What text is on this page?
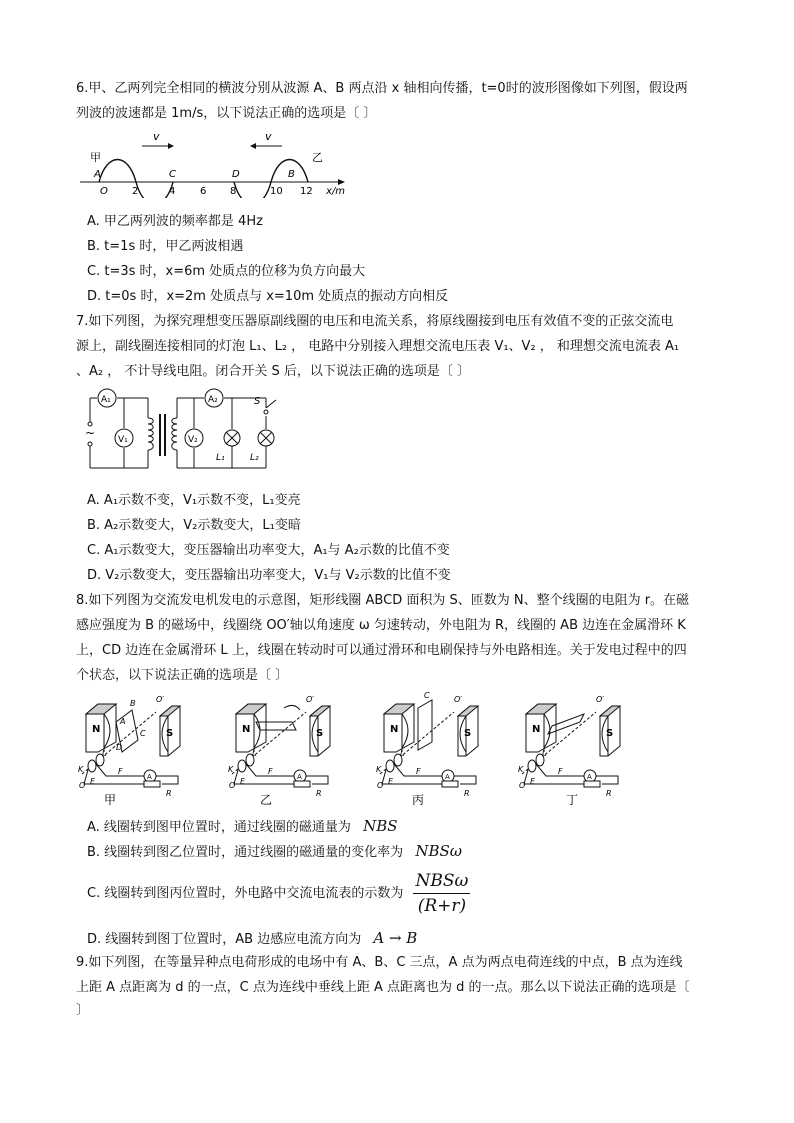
6.甲、乙两列完全相同的横波分别从波源 A、B 两点沿 x 轴相向传播，t=0时的波形图像如下列图，假设两
列波的波速都是 1m/s，以下说法正确的选项是〔 〕
v	v
甲	乙
A	C	D	B
O 2	4 6 8	10 12 x/m
A. 甲乙两列波的频率都是 4Hz
B. t=1s 时，甲乙两波相遇
C. t=3s 时，x=6m 处质点的位移为负方向最大
D. t=0s 时，x=2m 处质点与 x=10m 处质点的振动方向相反
7.如下列图，为探究理想变压器原副线圈的电压和电流关系，将原线圈接到电压有效值不变的正弦交流电
源上，副线圈连接相同的灯泡 L₁、L₂ ， 电路中分别接入理想交流电压表 V₁、V₂ ， 和理想交流电流表 A₁
、A₂ ， 不计导线电阻。闭合开关 S 后，以下说法正确的选项是〔 〕
~
A₁
V₁
A₂
V₂
S
L₁	L₂
A. A₁示数不变，V₁示数不变，L₁变亮
B. A₂示数变大，V₂示数变大，L₁变暗
C. A₁示数变大，变压器输出功率变大，A₁与 A₂示数的比值不变
D. V₂示数变大，变压器输出功率变大，V₁与 V₂示数的比值不变
8.如下列图为交流发电机发电的示意图，矩形线圈 ABCD 面积为 S、匝数为 N、整个线圈的电阻为 r。在磁
感应强度为 B 的磁场中，线圈绕 OO′轴以角速度 ω 匀速转动，外电阻为 R，线圈的 AB 边连在金属滑环 K
上，CD 边连在金属滑环 L 上，线圈在转动时可以通过滑环和电刷保持与外电路相连。关于发电过程中的四
个状态，以下说法正确的选项是〔 〕
N	S
A
B
C
D
O′
K
L
E
F
O
A
R
甲
N	S
O′
K
L
E
F
O
A
R
乙
N	S
C	O′
K
L
E
F
O
A
R
丙
N	S
O′
K
L
E
F
O
A
R
丁
A. 线圈转到图甲位置时，通过线圈的磁通量为 NBS
B. 线圈转到图乙位置时，通过线圈的磁通量的变化率为 NBSω
C. 线圈转到图丙位置时，外电路中交流电流表的示数为 $\frac{\text{NBSω}}{(R+r)}$
D. 线圈转到图丁位置时，AB 边感应电流方向为 A → B
9.如下列图，在等量异种点电荷形成的电场中有 A、B、C 三点，A 点为两点电荷连线的中点，B 点为连线
上距 A 点距离为 d 的一点，C 点为连线中垂线上距 A 点距离也为 d 的一点。那么以下说法正确的选项是〔
〕
